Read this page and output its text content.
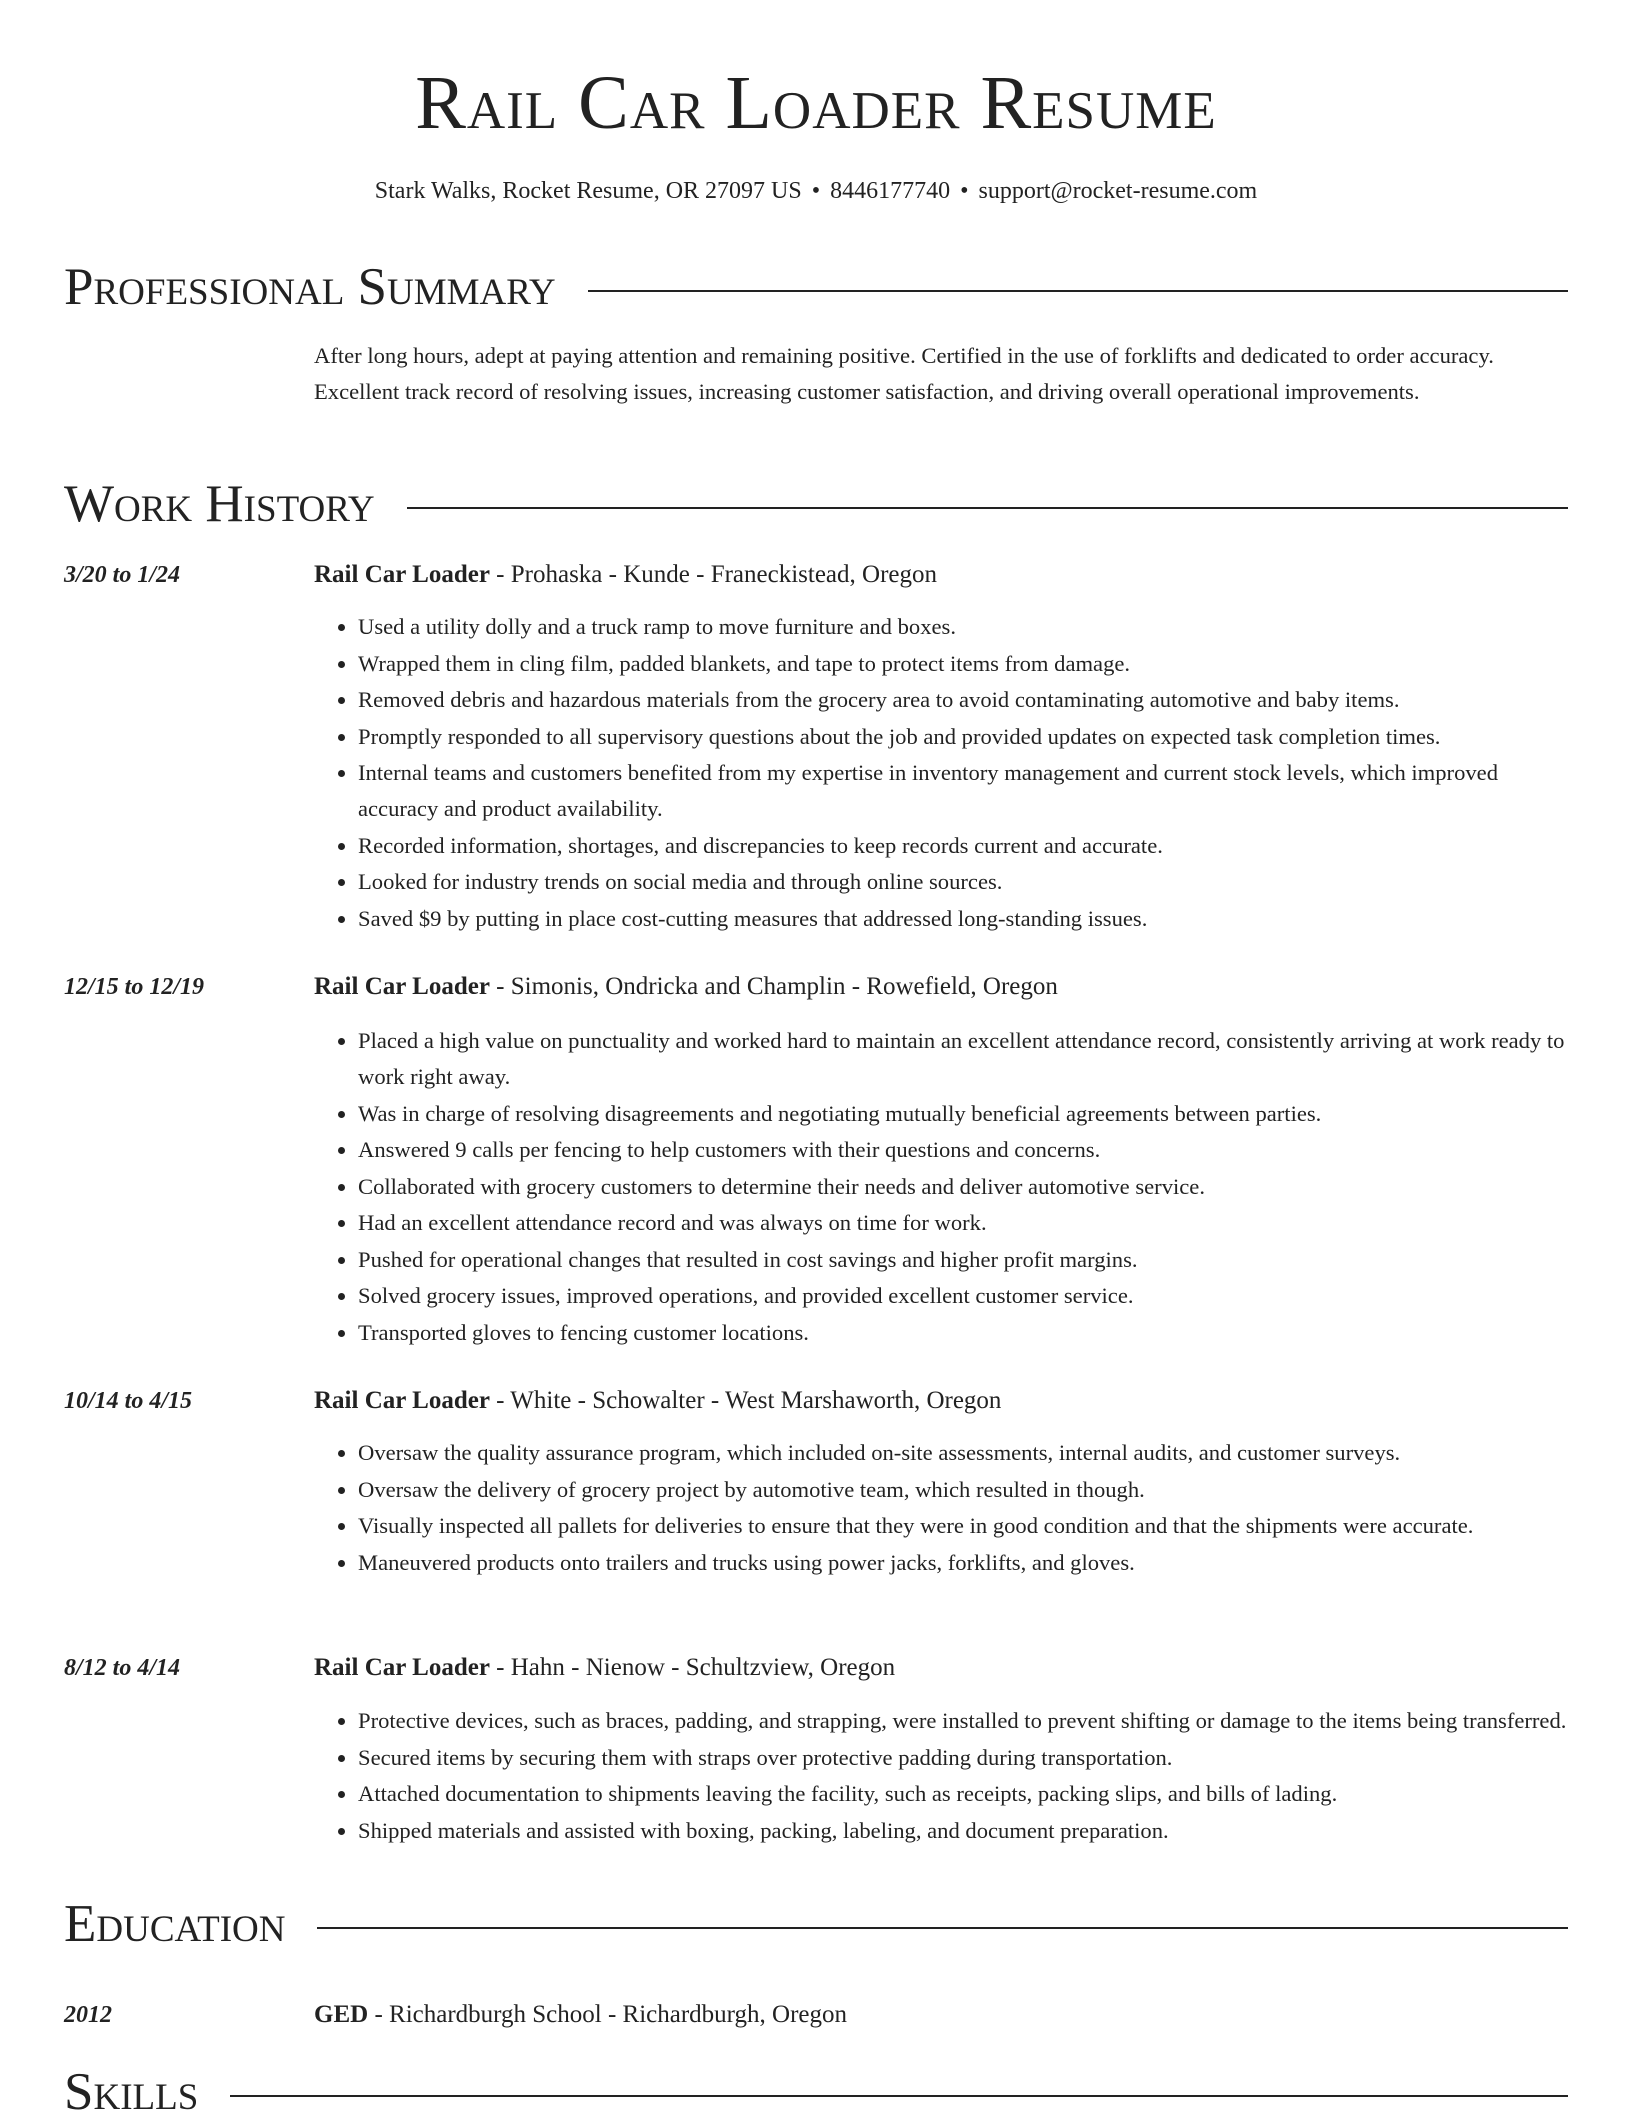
Rail Car Loader Resume
Stark Walks, Rocket Resume, OR 27097 US • 8446177740 • support@rocket-resume.com
Professional Summary
After long hours, adept at paying attention and remaining positive. Certified in the use of forklifts and dedicated to order accuracy. Excellent track record of resolving issues, increasing customer satisfaction, and driving overall operational improvements.
Work History
3/20 to 1/24	Rail Car Loader - Prohaska - Kunde - Franeckistead, Oregon
• Used a utility dolly and a truck ramp to move furniture and boxes.
• Wrapped them in cling film, padded blankets, and tape to protect items from damage.
• Removed debris and hazardous materials from the grocery area to avoid contaminating automotive and baby items.
• Promptly responded to all supervisory questions about the job and provided updates on expected task completion times.
• Internal teams and customers benefited from my expertise in inventory management and current stock levels, which improved accuracy and product availability.
• Recorded information, shortages, and discrepancies to keep records current and accurate.
• Looked for industry trends on social media and through online sources.
• Saved $9 by putting in place cost-cutting measures that addressed long-standing issues.
12/15 to 12/19	Rail Car Loader - Simonis, Ondricka and Champlin - Rowefield, Oregon
• Placed a high value on punctuality and worked hard to maintain an excellent attendance record, consistently arriving at work ready to work right away.
• Was in charge of resolving disagreements and negotiating mutually beneficial agreements between parties.
• Answered 9 calls per fencing to help customers with their questions and concerns.
• Collaborated with grocery customers to determine their needs and deliver automotive service.
• Had an excellent attendance record and was always on time for work.
• Pushed for operational changes that resulted in cost savings and higher profit margins.
• Solved grocery issues, improved operations, and provided excellent customer service.
• Transported gloves to fencing customer locations.
10/14 to 4/15	Rail Car Loader - White - Schowalter - West Marshaworth, Oregon
• Oversaw the quality assurance program, which included on-site assessments, internal audits, and customer surveys.
• Oversaw the delivery of grocery project by automotive team, which resulted in though.
• Visually inspected all pallets for deliveries to ensure that they were in good condition and that the shipments were accurate.
• Maneuvered products onto trailers and trucks using power jacks, forklifts, and gloves.
8/12 to 4/14	Rail Car Loader - Hahn - Nienow - Schultzview, Oregon
• Protective devices, such as braces, padding, and strapping, were installed to prevent shifting or damage to the items being transferred.
• Secured items by securing them with straps over protective padding during transportation.
• Attached documentation to shipments leaving the facility, such as receipts, packing slips, and bills of lading.
• Shipped materials and assisted with boxing, packing, labeling, and document preparation.
Education
2012	GED - Richardburgh School - Richardburgh, Oregon
Skills
